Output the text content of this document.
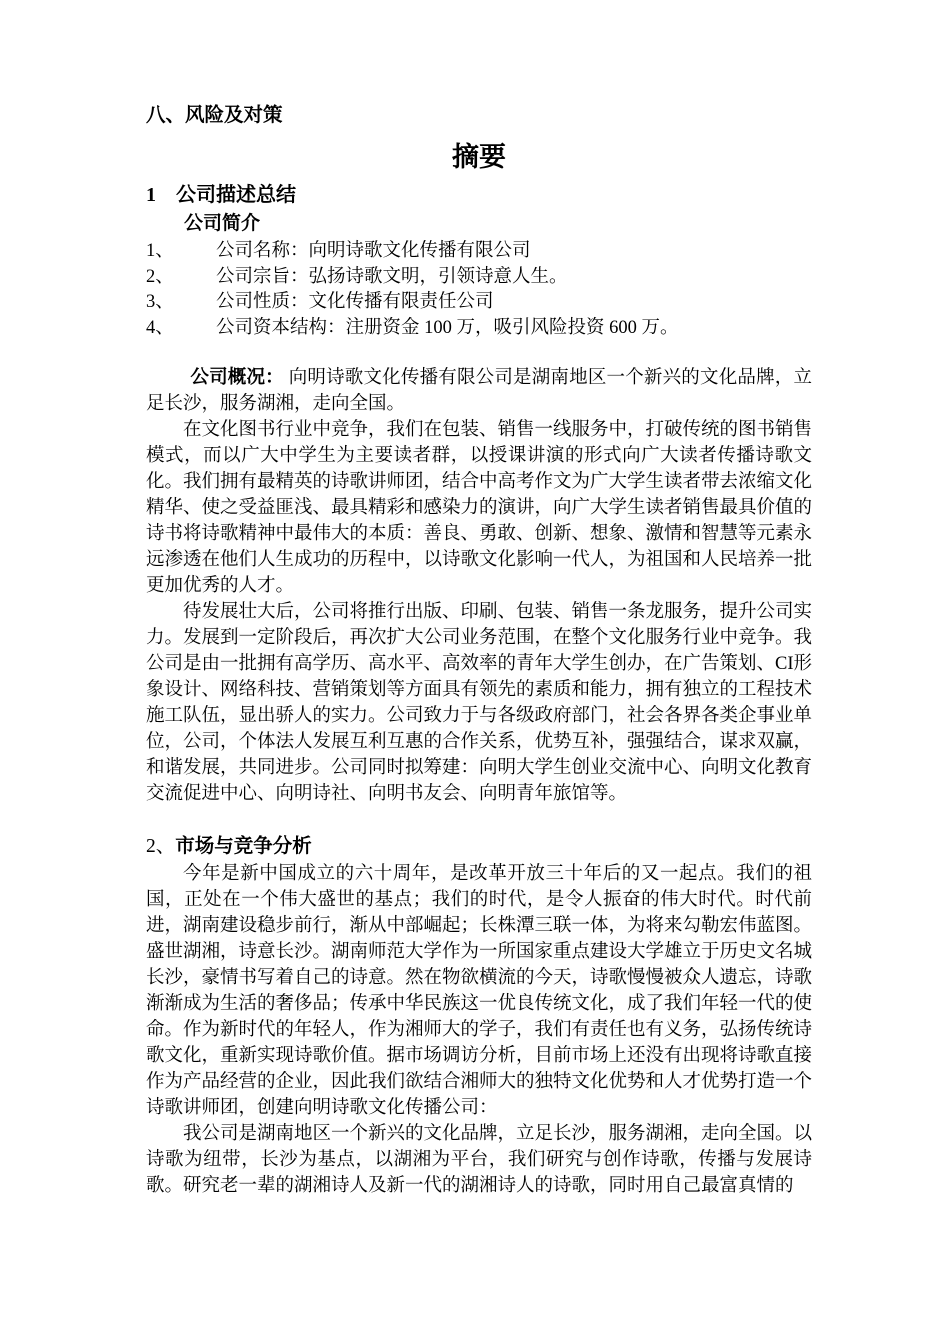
八、风险及对策

摘要
1　公司描述总结
公司简介
1、	公司名称：向明诗歌文化传播有限公司
2、	公司宗旨：弘扬诗歌文明，引领诗意人生。
3、	公司性质：文化传播有限责任公司
4、	公司资本结构：注册资金 100 万，吸引风险投资 600 万。

公司概况： 向明诗歌文化传播有限公司是湖南地区一个新兴的文化品牌，立足长沙，服务湖湘，走向全国。

在文化图书行业中竞争，我们在包装、销售一线服务中，打破传统的图书销售模式，而以广大中学生为主要读者群，以授课讲演的形式向广大读者传播诗歌文化。我们拥有最精英的诗歌讲师团，结合中高考作文为广大学生读者带去浓缩文化精华、使之受益匪浅、最具精彩和感染力的演讲，向广大学生读者销售最具价值的诗书将诗歌精神中最伟大的本质：善良、勇敢、创新、想象、激情和智慧等元素永远渗透在他们人生成功的历程中，以诗歌文化影响一代人，为祖国和人民培养一批更加优秀的人才。

待发展壮大后，公司将推行出版、印刷、包装、销售一条龙服务，提升公司实力。发展到一定阶段后，再次扩大公司业务范围，在整个文化服务行业中竞争。我公司是由一批拥有高学历、高水平、高效率的青年大学生创办，在广告策划、CI形象设计、网络科技、营销策划等方面具有领先的素质和能力，拥有独立的工程技术施工队伍，显出骄人的实力。公司致力于与各级政府部门，社会各界各类企事业单位，公司，个体法人发展互利互惠的合作关系，优势互补，强强结合，谋求双赢，和谐发展，共同进步。公司同时拟筹建：向明大学生创业交流中心、向明文化教育交流促进中心、向明诗社、向明书友会、向明青年旅馆等。

2、市场与竞争分析

今年是新中国成立的六十周年，是改革开放三十年后的又一起点。我们的祖国，正处在一个伟大盛世的基点；我们的时代，是令人振奋的伟大时代。时代前进，湖南建设稳步前行，渐从中部崛起；长株潭三联一体，为将来勾勒宏伟蓝图。盛世湖湘，诗意长沙。湖南师范大学作为一所国家重点建设大学雄立于历史文名城长沙，豪情书写着自己的诗意。然在物欲横流的今天，诗歌慢慢被众人遗忘，诗歌渐渐成为生活的奢侈品；传承中华民族这一优良传统文化，成了我们年轻一代的使命。作为新时代的年轻人，作为湘师大的学子，我们有责任也有义务，弘扬传统诗歌文化，重新实现诗歌价值。据市场调访分析，目前市场上还没有出现将诗歌直接作为产品经营的企业，因此我们欲结合湘师大的独特文化优势和人才优势打造一个诗歌讲师团，创建向明诗歌文化传播公司：

我公司是湖南地区一个新兴的文化品牌，立足长沙，服务湖湘，走向全国。以诗歌为纽带，长沙为基点，以湖湘为平台，我们研究与创作诗歌，传播与发展诗歌。研究老一辈的湖湘诗人及新一代的湖湘诗人的诗歌，同时用自己最富真情的
